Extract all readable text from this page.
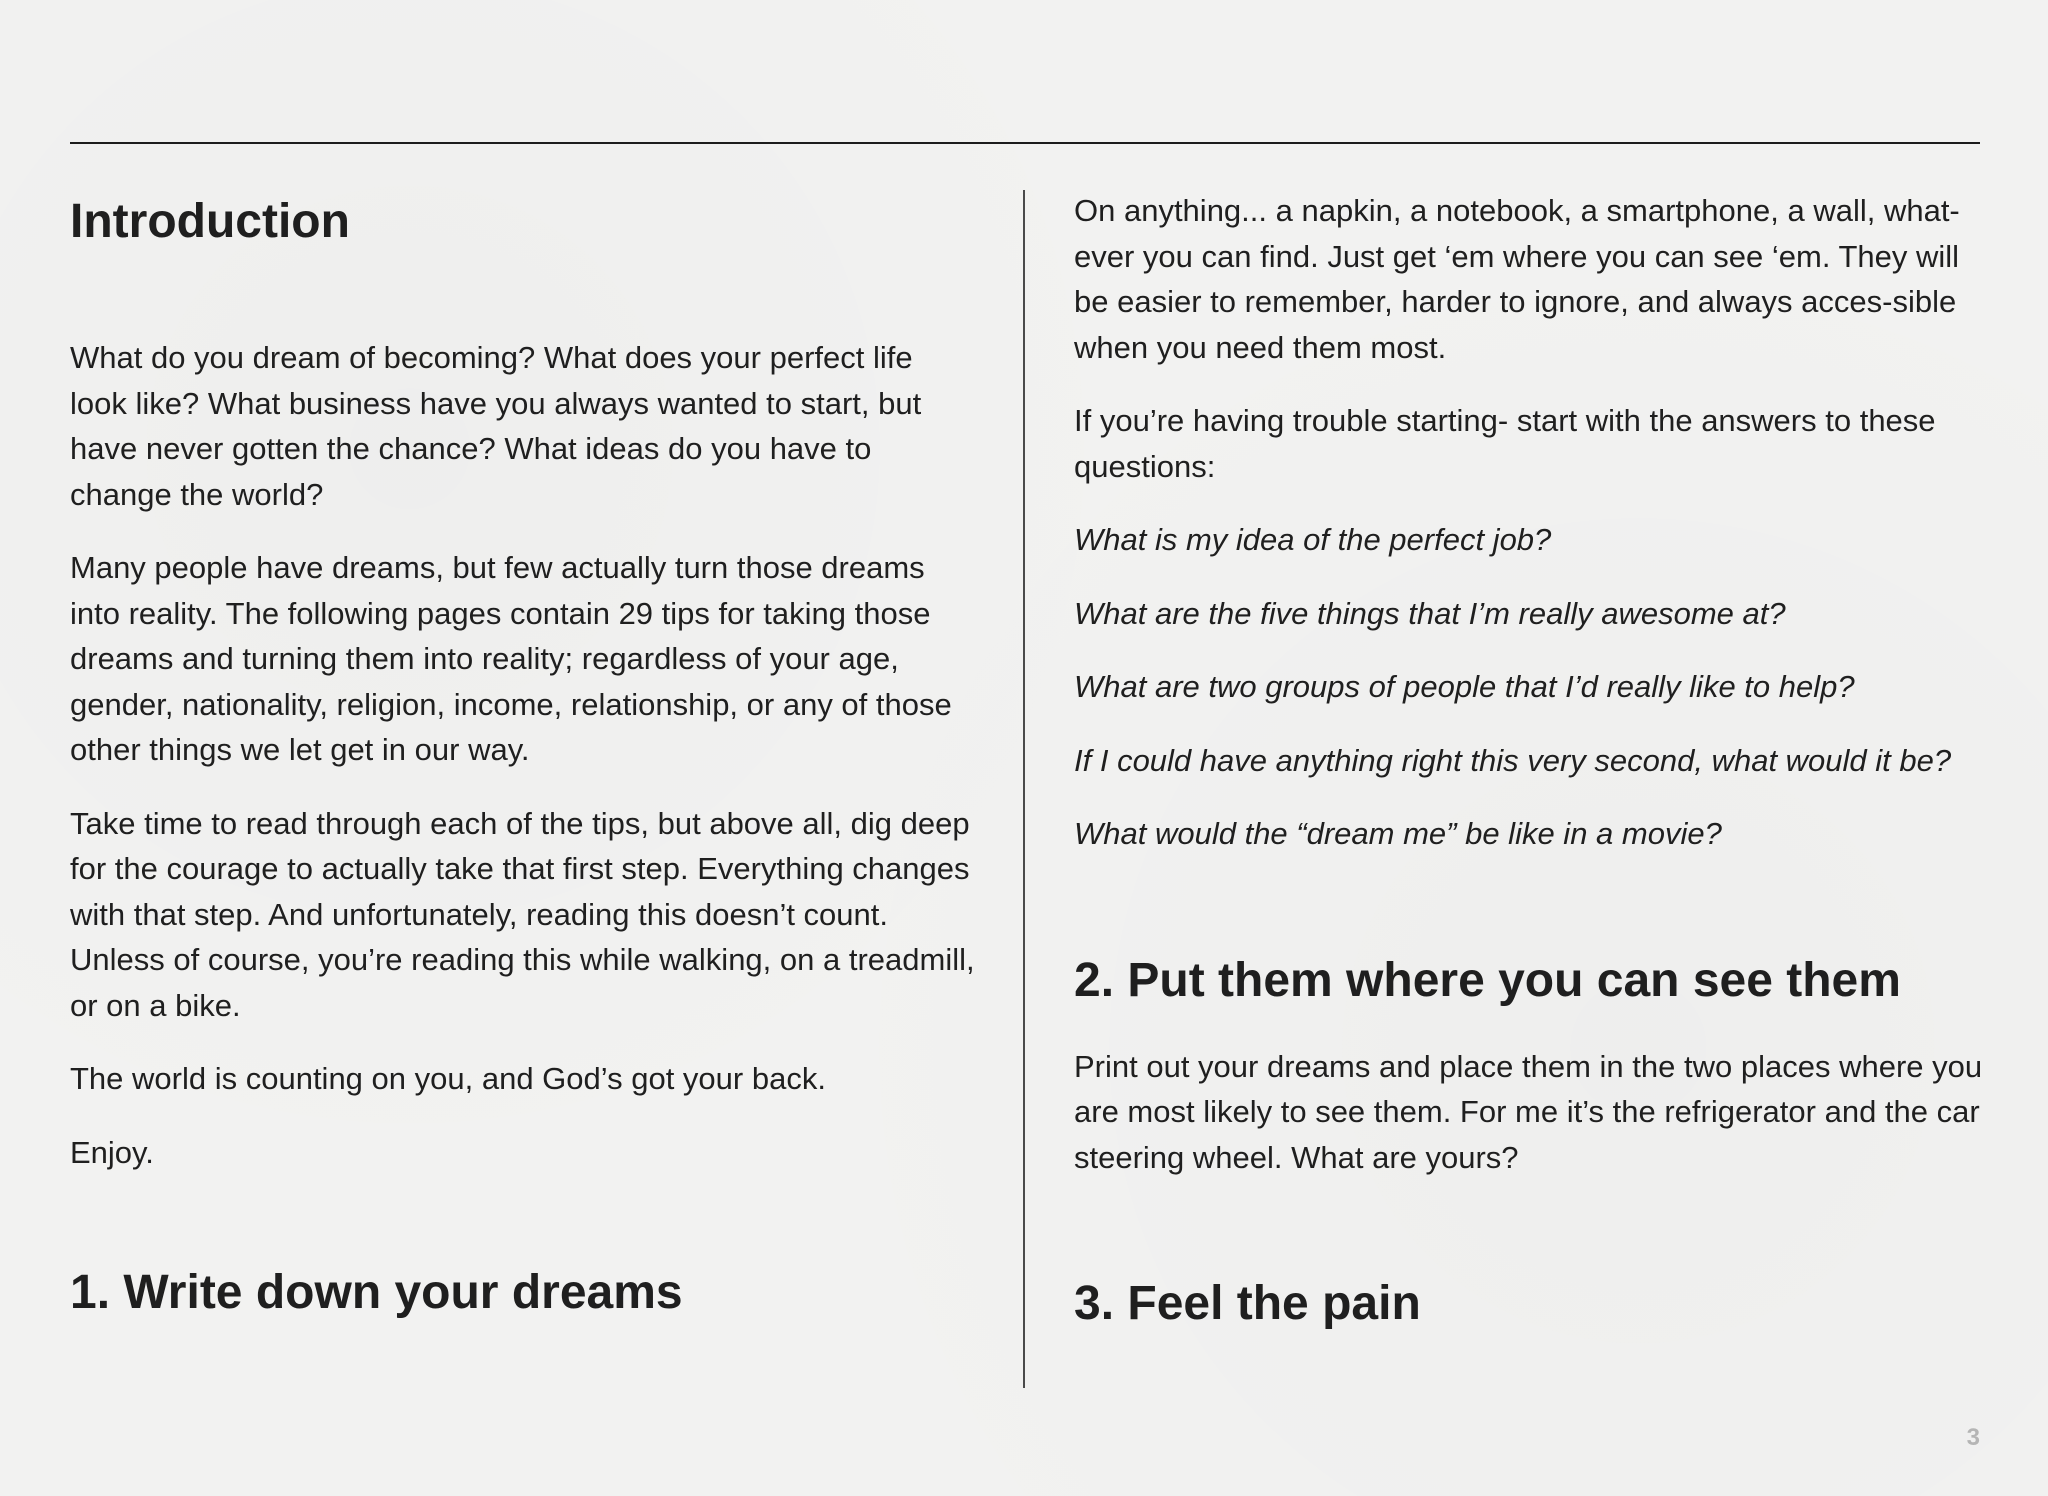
Introduction

What do you dream of becoming? What does your perfect life look like? What business have you always wanted to start, but have never gotten the chance? What ideas do you have to change the world?

Many people have dreams, but few actually turn those dreams into reality. The following pages contain 29 tips for taking those dreams and turning them into reality; regardless of your age, gender, nationality, religion, income, relationship, or any of those other things we let get in our way.

Take time to read through each of the tips, but above all, dig deep for the courage to actually take that first step. Everything changes with that step. And unfortunately, reading this doesn’t count. Unless of course, you’re reading this while walking, on a treadmill, or on a bike.

The world is counting on you, and God’s got your back.

Enjoy.

1. Write down your dreams

On anything... a napkin, a notebook, a smartphone, a wall, what-ever you can find. Just get ‘em where you can see ‘em. They will be easier to remember, harder to ignore, and always acces-sible when you need them most.

If you’re having trouble starting- start with the answers to these questions:

What is my idea of the perfect job?

What are the five things that I’m really awesome at?

What are two groups of people that I’d really like to help?

If I could have anything right this very second, what would it be?

What would the “dream me” be like in a movie?

2. Put them where you can see them

Print out your dreams and place them in the two places where you are most likely to see them. For me it’s the refrigerator and the car steering wheel. What are yours?

3. Feel the pain
3
